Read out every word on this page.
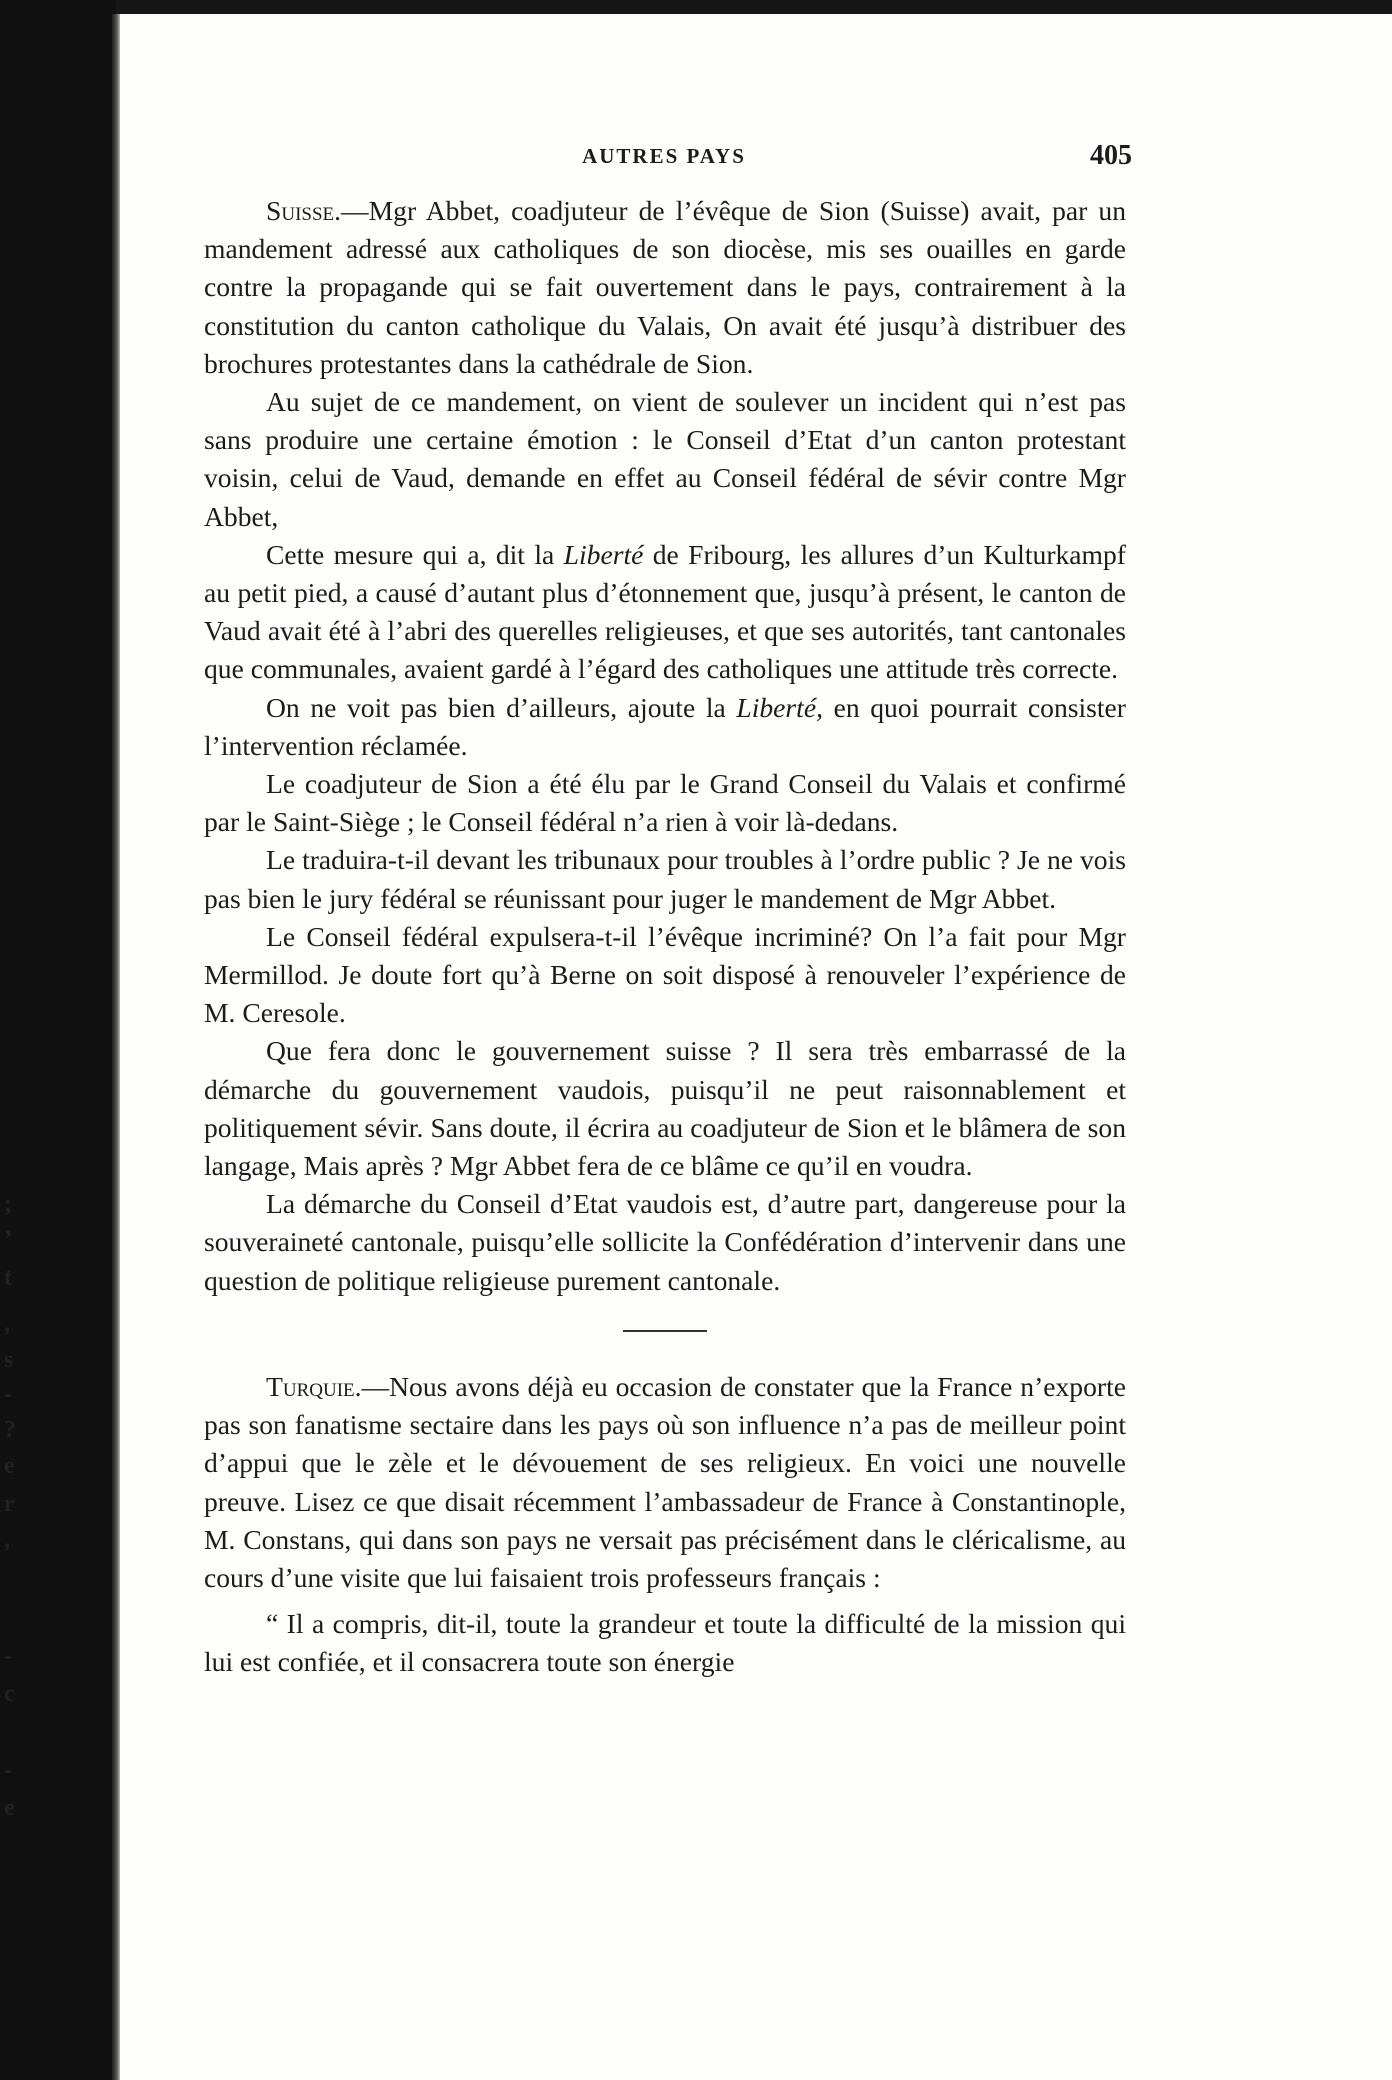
;
’
t
,
s
-
?
e
r
,
-
c
-
e
AUTRES PAYS	405

Suisse.—Mgr Abbet, coadjuteur de l’évêque de Sion (Suisse) avait, par un mandement adressé aux catholiques de son diocèse, mis ses ouailles en garde contre la propagande qui se fait ouvertement dans le pays, contrairement à la constitution du canton catholique du Valais, On avait été jusqu’à distribuer des brochures protestantes dans la cathédrale de Sion.

Au sujet de ce mandement, on vient de soulever un incident qui n’est pas sans produire une certaine émotion : le Conseil d’Etat d’un canton protestant voisin, celui de Vaud, demande en effet au Conseil fédéral de sévir contre Mgr Abbet,

Cette mesure qui a, dit la Liberté de Fribourg, les allures d’un Kulturkampf au petit pied, a causé d’autant plus d’étonnement que, jusqu’à présent, le canton de Vaud avait été à l’abri des querelles religieuses, et que ses autorités, tant cantonales que communales, avaient gardé à l’égard des catholiques une attitude très correcte.

On ne voit pas bien d’ailleurs, ajoute la Liberté, en quoi pourrait consister l’intervention réclamée.

Le coadjuteur de Sion a été élu par le Grand Conseil du Valais et confirmé par le Saint-Siège ; le Conseil fédéral n’a rien à voir là-dedans.

Le traduira-t-il devant les tribunaux pour troubles à l’ordre public ? Je ne vois pas bien le jury fédéral se réunissant pour juger le mandement de Mgr Abbet.

Le Conseil fédéral expulsera-t-il l’évêque incriminé? On l’a fait pour Mgr Mermillod. Je doute fort qu’à Berne on soit disposé à renouveler l’expérience de M. Ceresole.

Que fera donc le gouvernement suisse ? Il sera très embarrassé de la démarche du gouvernement vaudois, puisqu’il ne peut raisonnablement et politiquement sévir. Sans doute, il écrira au coadjuteur de Sion et le blâmera de son langage, Mais après ? Mgr Abbet fera de ce blâme ce qu’il en voudra.

La démarche du Conseil d’Etat vaudois est, d’autre part, dangereuse pour la souveraineté cantonale, puisqu’elle sollicite la Confédération d’intervenir dans une question de politique religieuse purement cantonale.

Turquie.—Nous avons déjà eu occasion de constater que la France n’exporte pas son fanatisme sectaire dans les pays où son influence n’a pas de meilleur point d’appui que le zèle et le dévouement de ses religieux. En voici une nouvelle preuve. Lisez ce que disait récemment l’ambassadeur de France à Constantinople, M. Constans, qui dans son pays ne versait pas précisément dans le cléricalisme, au cours d’une visite que lui faisaient trois professeurs français :

“ Il a compris, dit-il, toute la grandeur et toute la difficulté de la mission qui lui est confiée, et il consacrera toute son énergie
